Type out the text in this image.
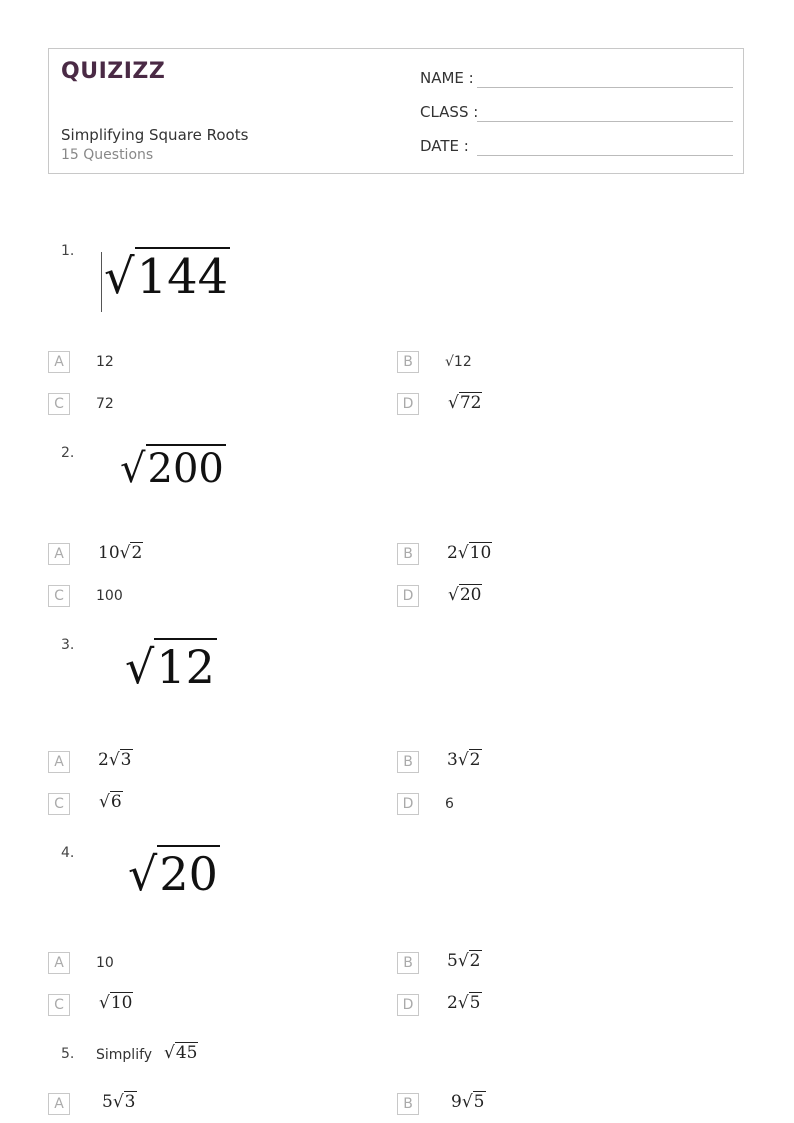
QUIZIZZ
Simplifying Square Roots
15 Questions
NAME :
CLASS :
DATE :
1. √144
A	12	B	√12
C	72	D	√72
2. √200
A	10√2	B	2√10
C	100	D	√20
3. √12
A	2√3	B	3√2
C	√6	D	6
4. √20
A	10	B	5√2
C	√10	D	2√5
5. Simplify √45
A	5√3	B	9√5
